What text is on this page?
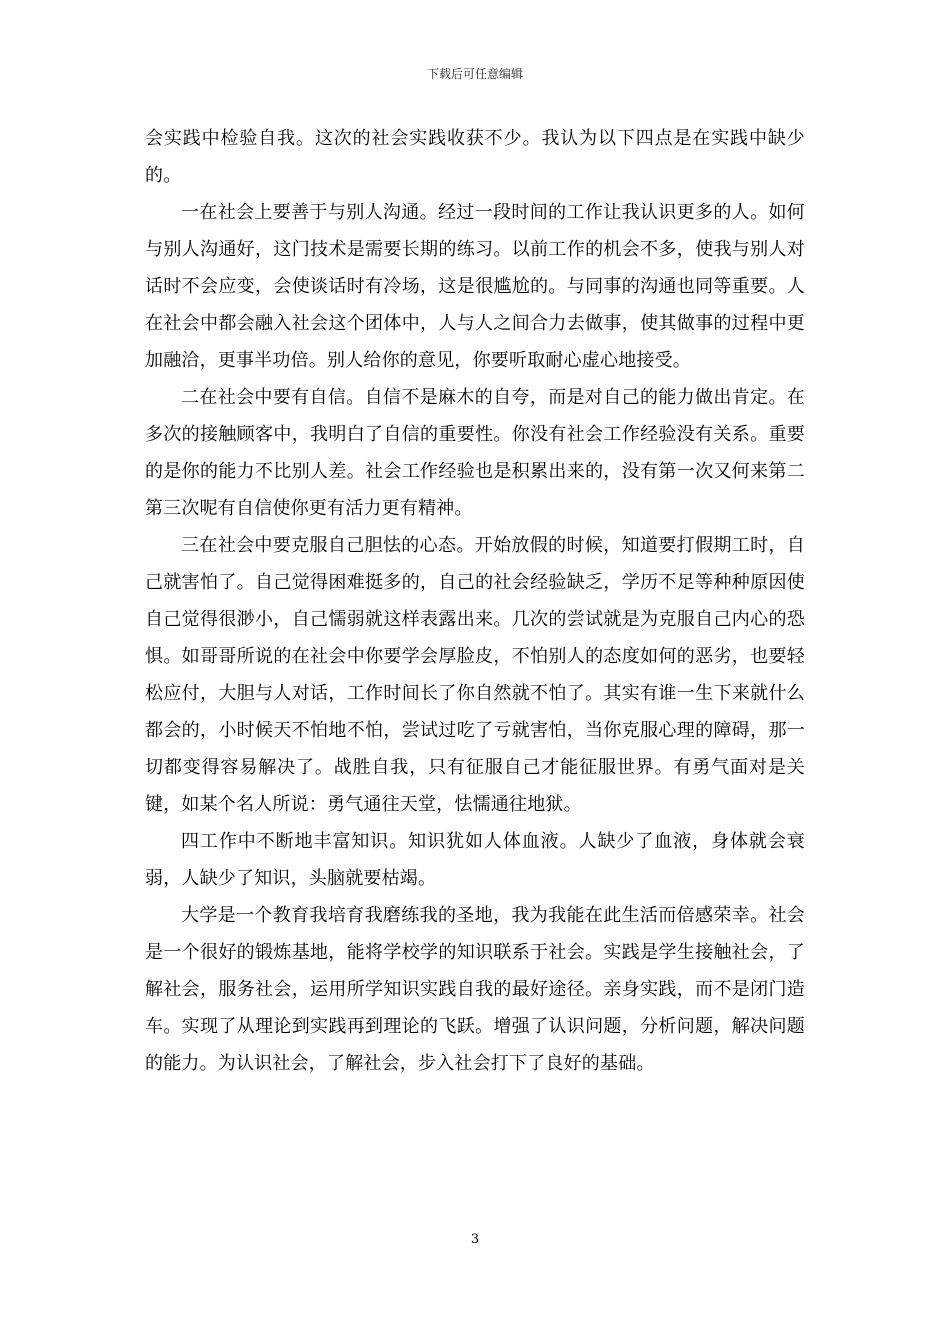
下载后可任意编辑

会实践中检验自我。这次的社会实践收获不少。我认为以下四点是在实践中缺少的。

一在社会上要善于与别人沟通。经过一段时间的工作让我认识更多的人。如何与别人沟通好，这门技术是需要长期的练习。以前工作的机会不多，使我与别人对话时不会应变，会使谈话时有冷场，这是很尴尬的。与同事的沟通也同等重要。人在社会中都会融入社会这个团体中，人与人之间合力去做事，使其做事的过程中更加融洽，更事半功倍。别人给你的意见，你要听取耐心虚心地接受。

二在社会中要有自信。自信不是麻木的自夸，而是对自己的能力做出肯定。在多次的接触顾客中，我明白了自信的重要性。你没有社会工作经验没有关系。重要的是你的能力不比别人差。社会工作经验也是积累出来的，没有第一次又何来第二第三次呢有自信使你更有活力更有精神。

三在社会中要克服自己胆怯的心态。开始放假的时候，知道要打假期工时，自己就害怕了。自己觉得困难挺多的，自己的社会经验缺乏，学历不足等种种原因使自己觉得很渺小，自己懦弱就这样表露出来。几次的尝试就是为克服自己内心的恐惧。如哥哥所说的在社会中你要学会厚脸皮，不怕别人的态度如何的恶劣，也要轻松应付，大胆与人对话，工作时间长了你自然就不怕了。其实有谁一生下来就什么都会的，小时候天不怕地不怕，尝试过吃了亏就害怕，当你克服心理的障碍，那一切都变得容易解决了。战胜自我，只有征服自己才能征服世界。有勇气面对是关键，如某个名人所说：勇气通往天堂，怯懦通往地狱。

四工作中不断地丰富知识。知识犹如人体血液。人缺少了血液，身体就会衰弱，人缺少了知识，头脑就要枯竭。

大学是一个教育我培育我磨练我的圣地，我为我能在此生活而倍感荣幸。社会是一个很好的锻炼基地，能将学校学的知识联系于社会。实践是学生接触社会，了解社会，服务社会，运用所学知识实践自我的最好途径。亲身实践，而不是闭门造车。实现了从理论到实践再到理论的飞跃。增强了认识问题，分析问题，解决问题的能力。为认识社会，了解社会，步入社会打下了良好的基础。

3
